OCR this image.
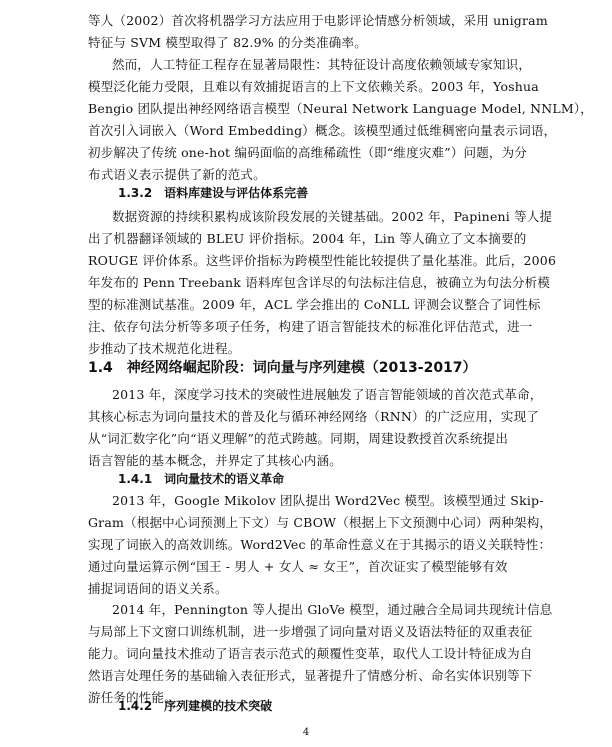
等人（2002）首次将机器学习方法应用于电影评论情感分析领域，采用 unigram
特征与 SVM 模型取得了 82.9% 的分类准确率。
然而，人工特征工程存在显著局限性：其特征设计高度依赖领域专家知识，
模型泛化能力受限，且难以有效捕捉语言的上下文依赖关系。2003 年，Yoshua
Bengio 团队提出神经网络语言模型（Neural Network Language Model, NNLM），
首次引入词嵌入（Word Embedding）概念。该模型通过低维稠密向量表示词语，
初步解决了传统 one-hot 编码面临的高维稀疏性（即“维度灾难”）问题，为分
布式语义表示提供了新的范式。
1.3.2　语料库建设与评估体系完善
数据资源的持续积累构成该阶段发展的关键基础。2002 年，Papineni 等人提
出了机器翻译领域的 BLEU 评价指标。2004 年，Lin 等人确立了文本摘要的
ROUGE 评价体系。这些评价指标为跨模型性能比较提供了量化基准。此后，2006
年发布的 Penn Treebank 语料库包含详尽的句法标注信息，被确立为句法分析模
型的标准测试基准。2009 年，ACL 学会推出的 CoNLL 评测会议整合了词性标
注、依存句法分析等多项子任务，构建了语言智能技术的标准化评估范式，进一
步推动了技术规范化进程。
1.4　神经网络崛起阶段：词向量与序列建模（2013-2017）
2013 年，深度学习技术的突破性进展触发了语言智能领域的首次范式革命，
其核心标志为词向量技术的普及化与循环神经网络（RNN）的广泛应用，实现了
从“词汇数字化”向“语义理解”的范式跨越。同期，周建设教授首次系统提出
语言智能的基本概念，并界定了其核心内涵。
1.4.1　词向量技术的语义革命
2013 年，Google Mikolov 团队提出 Word2Vec 模型。该模型通过 Skip-
Gram（根据中心词预测上下文）与 CBOW（根据上下文预测中心词）两种架构，
实现了词嵌入的高效训练。Word2Vec 的革命性意义在于其揭示的语义关联特性：
通过向量运算示例“国王 - 男人 + 女人 ≈ 女王”，首次证实了模型能够有效
捕捉词语间的语义关系。
2014 年，Pennington 等人提出 GloVe 模型，通过融合全局词共现统计信息
与局部上下文窗口训练机制，进一步增强了词向量对语义及语法特征的双重表征
能力。词向量技术推动了语言表示范式的颠覆性变革，取代人工设计特征成为自
然语言处理任务的基础输入表征形式，显著提升了情感分析、命名实体识别等下
游任务的性能。
1.4.2　序列建模的技术突破
4
